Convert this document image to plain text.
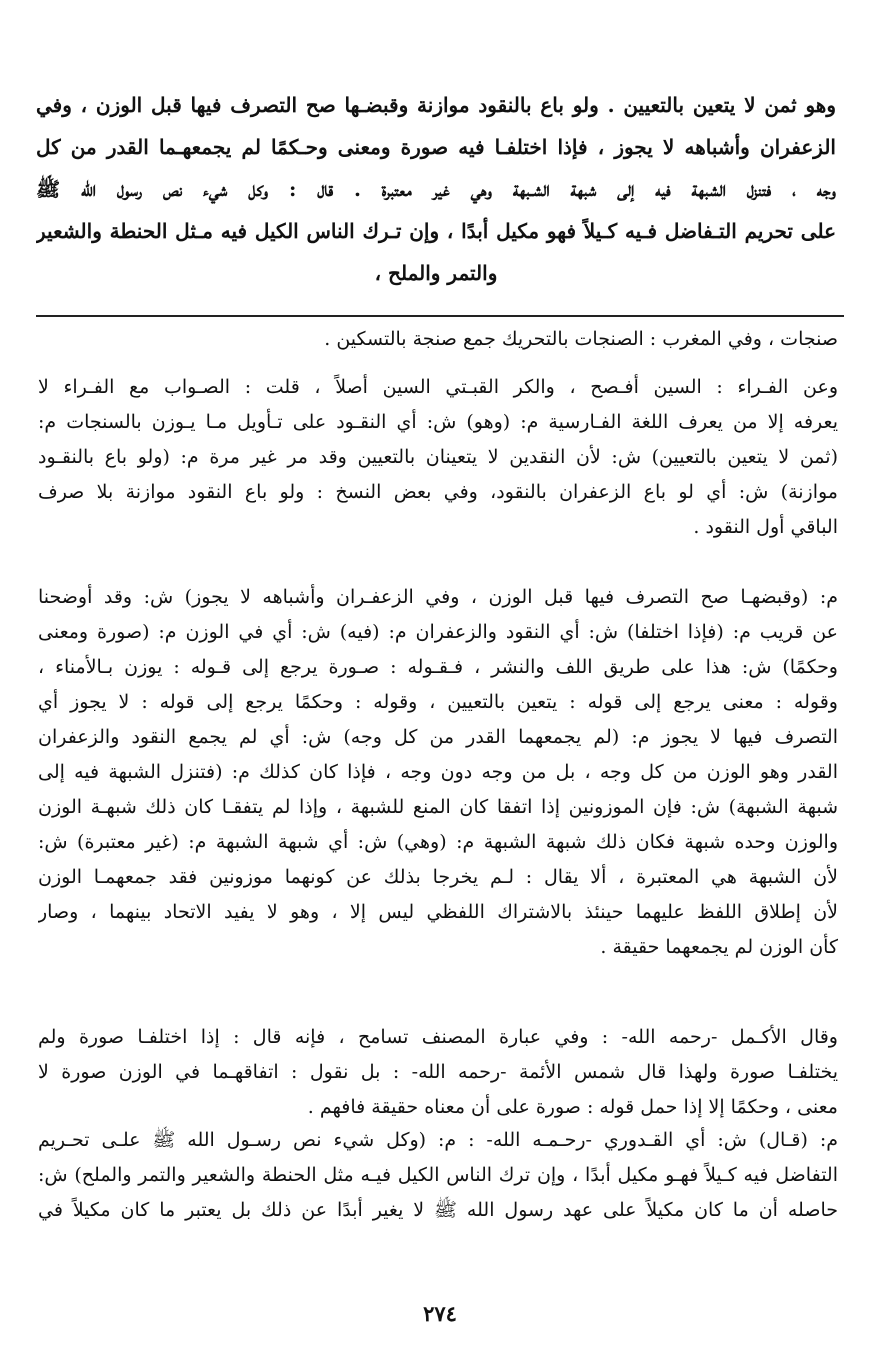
وهو ثمن لا يتعين بالتعيين . ولو باع بالنقود موازنة وقبضـها صح التصرف فيها قبل الوزن ، وفي
الزعفران وأشباهه لا يجوز ، فإذا اختلفـا فيه صورة ومعنى وحـكمًا لم يجمعهـما القدر من كل
وجه ، فتنزل الشبهة فيه إلى شبهة الشـبهة وهي غير معتبرة . قال : وكل شيء نص رسول الله ﷺ
على تحريم التـفاضل فـيه كـيلاً فهو مكيل أبدًا ، وإن تـرك الناس الكيل فيه مـثل الحنطة والشعير
والتمر والملح ،
صنجات ، وفي المغرب : الصنجات بالتحريك جمع صنجة بالتسكين .
وعن الفـراء : السين أفـصح ، والكر القبـتي السين أصلاً ، قلت : الصـواب مع الفـراء لا
يعرفه إلا من يعرف اللغة الفـارسية م: (وهو) ش: أي النقـود على تـأويل مـا يـوزن بالسنجات م:
(ثمن لا يتعين بالتعيين) ش: لأن النقدين لا يتعينان بالتعيين وقد مر غير مرة م: (ولو باع بالنقـود
موازنة) ش: أي لو باع الزعفران بالنقود، وفي بعض النسخ : ولو باع النقود موازنة بلا صرف
الباقي أول النقود .
م: (وقبضهـا صح التصرف فيها قبل الوزن ، وفي الزعفـران وأشباهه لا يجوز) ش: وقد أوضحنا
عن قريب م: (فإذا اختلفا) ش: أي النقود والزعفران م: (فيه) ش: أي في الوزن م: (صورة ومعنى
وحكمًا) ش: هذا على طريق اللف والنشر ، فـقـوله : صـورة يرجع إلى قـوله : يوزن بـالأمناء ،
وقوله : معنى يرجع إلى قوله : يتعين بالتعيين ، وقوله : وحكمًا يرجع إلى قوله : لا يجوز أي
التصرف فيها لا يجوز م: (لم يجمعهما القدر من كل وجه) ش: أي لم يجمع النقود والزعفران
القدر وهو الوزن من كل وجه ، بل من وجه دون وجه ، فإذا كان كذلك م: (فتنزل الشبهة فيه إلى
شبهة الشبهة) ش: فإن الموزونين إذا اتفقا كان المنع للشبهة ، وإذا لم يتفقـا كان ذلك شبهـة الوزن
والوزن وحده شبهة فكان ذلك شبهة الشبهة م: (وهي) ش: أي شبهة الشبهة م: (غير معتبرة) ش:
لأن الشبهة هي المعتبرة ، ألا يقال : لـم يخرجا بذلك عن كونهما موزونين فقد جمعهمـا الوزن
لأن إطلاق اللفظ عليهما حينئذ بالاشتراك اللفظي ليس إلا ، وهو لا يفيد الاتحاد بينهما ، وصار
كأن الوزن لم يجمعهما حقيقة .
وقال الأكـمل -رحمه الله- : وفي عبارة المصنف تسامح ، فإنه قال : إذا اختلفـا صورة ولم
يختلفـا صورة ولهذا قال شمس الأئمة -رحمه الله- : بل نقول : اتفاقهـما في الوزن صورة لا
معنى ، وحكمًا إلا إذا حمل قوله : صورة على أن معناه حقيقة فافهم .
م: (قـال) ش: أي القـدوري -رحـمـه الله- : م: (وكل شيء نص رسـول الله ﷺ علـى تحـريم
التفاضل فيه كـيلاً فهـو مكيل أبدًا ، وإن ترك الناس الكيل فيـه مثل الحنطة والشعير والتمر والملح) ش:
حاصله أن ما كان مكيلاً على عهد رسول الله ﷺ لا يغير أبدًا عن ذلك بل يعتبر ما كان مكيلاً في
٢٧٤
